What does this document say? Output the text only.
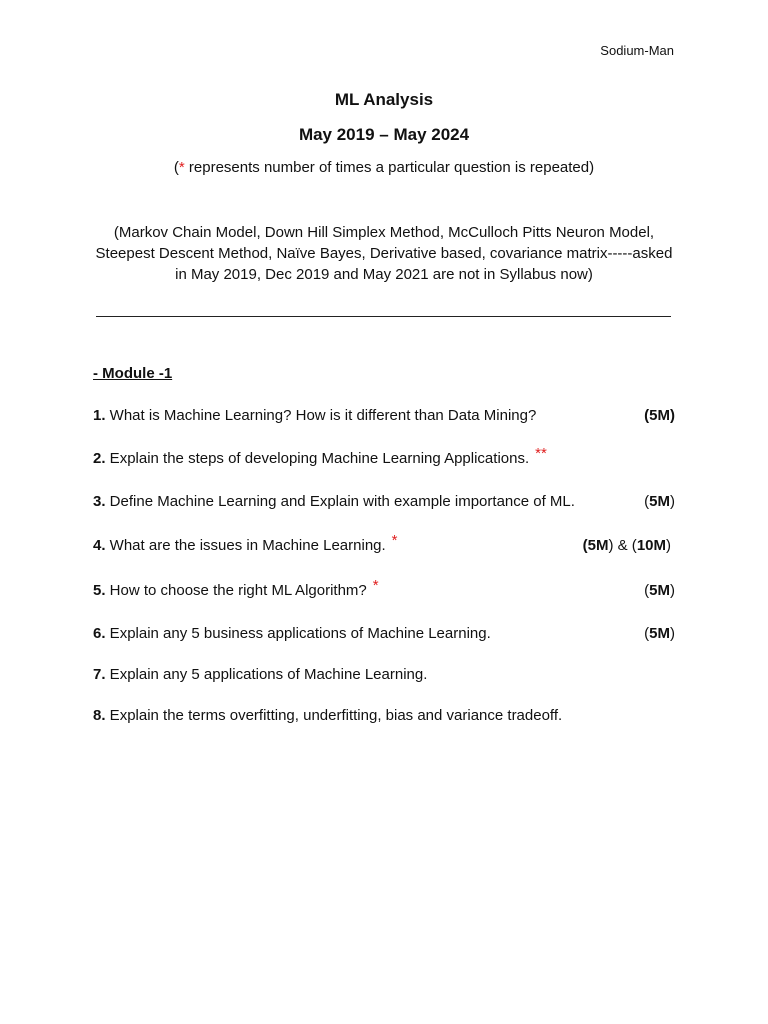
Sodium-Man
ML Analysis
May 2019 – May 2024
(* represents number of times a particular question is repeated)
(Markov Chain Model, Down Hill Simplex Method, McCulloch Pitts Neuron Model, Steepest Descent Method, Naïve Bayes, Derivative based, covariance matrix-----asked in May 2019, Dec 2019 and May 2021 are not in Syllabus now)
- Module -1
1. What is Machine Learning? How is it different than Data Mining?	(5M)
2. Explain the steps of developing Machine Learning Applications. **
3. Define Machine Learning and Explain with example importance of ML.	(5M)
4. What are the issues in Machine Learning. *	(5M) & (10M)
5. How to choose the right ML Algorithm? *	(5M)
6. Explain any 5 business applications of Machine Learning.	(5M)
7. Explain any 5 applications of Machine Learning.
8. Explain the terms overfitting, underfitting, bias and variance tradeoff.
